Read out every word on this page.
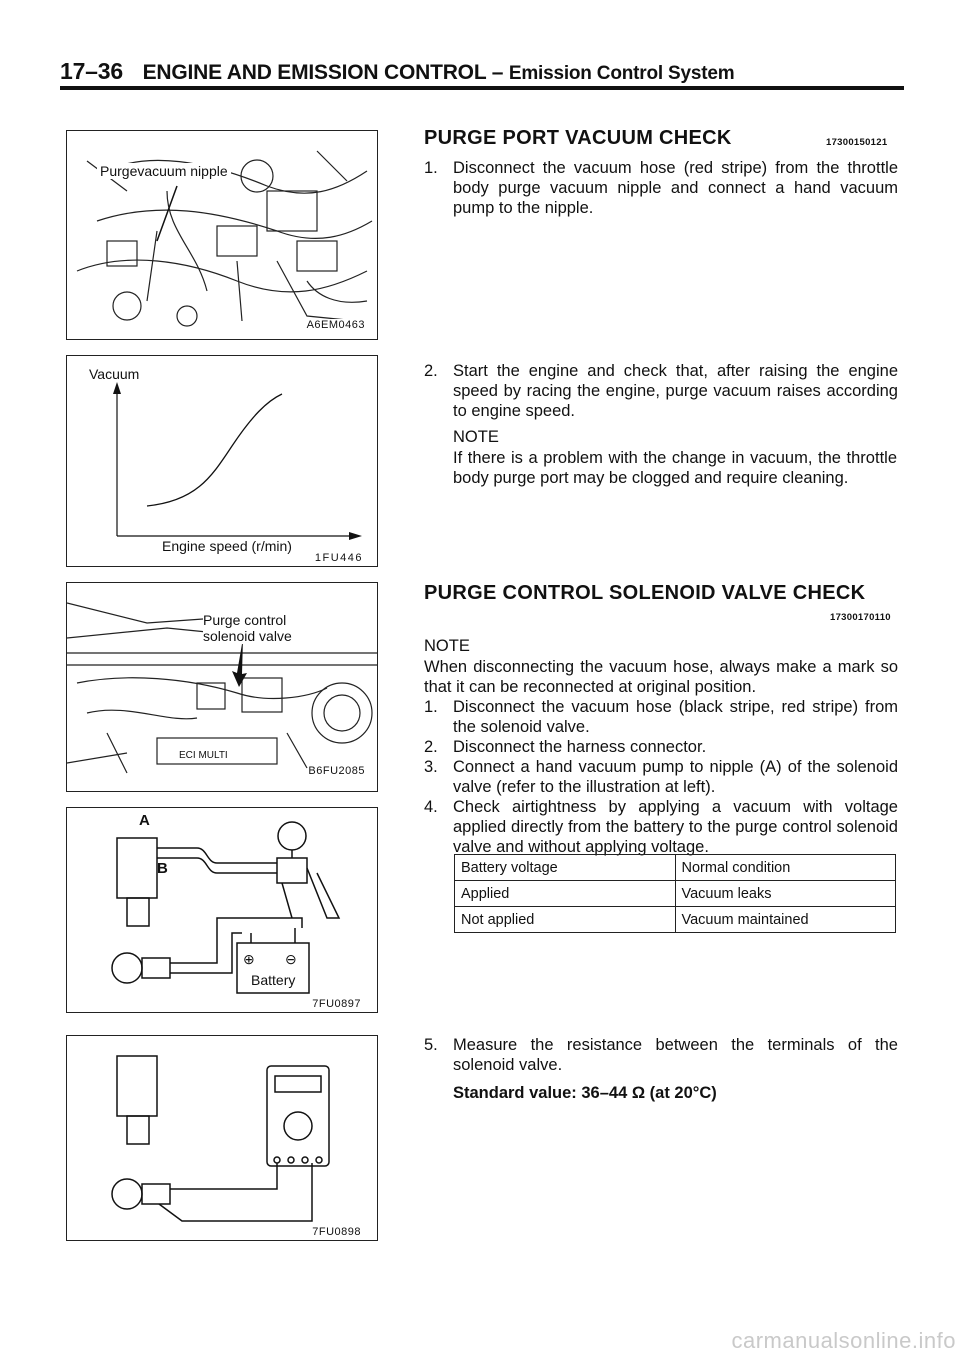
17–36 ENGINE AND EMISSION CONTROL – Emission Control System
Purgevacuum nipple
A6EM0463
Vacuum
Engine speed (r/min)
1FU446
ECI MULTI
Purge control
solenoid valve
B6FU2085
A
B
⊕ ⊖
Battery
7FU0897
7FU0898
PURGE PORT VACUUM CHECK	17300150121
1. Disconnect the vacuum hose (red stripe) from the throttle body purge vacuum nipple and connect a hand vacuum pump to the nipple.
2. Start the engine and check that, after raising the engine speed by racing the engine, purge vacuum raises according to engine speed.
NOTE
If there is a problem with the change in vacuum, the throttle body purge port may be clogged and require cleaning.
PURGE CONTROL SOLENOID VALVE CHECK
17300170110
NOTE
When disconnecting the vacuum hose, always make a mark so that it can be reconnected at original position.
1. Disconnect the vacuum hose (black stripe, red stripe) from the solenoid valve.
2. Disconnect the harness connector.
3. Connect a hand vacuum pump to nipple (A) of the solenoid valve (refer to the illustration at left).
4. Check airtightness by applying a vacuum with voltage applied directly from the battery to the purge control solenoid valve and without applying voltage.
Battery voltage	Normal condition
Applied	Vacuum leaks
Not applied	Vacuum maintained
5. Measure the resistance between the terminals of the solenoid valve.
Standard value: 36–44 Ω (at 20°C)
carmanualsonline.info
